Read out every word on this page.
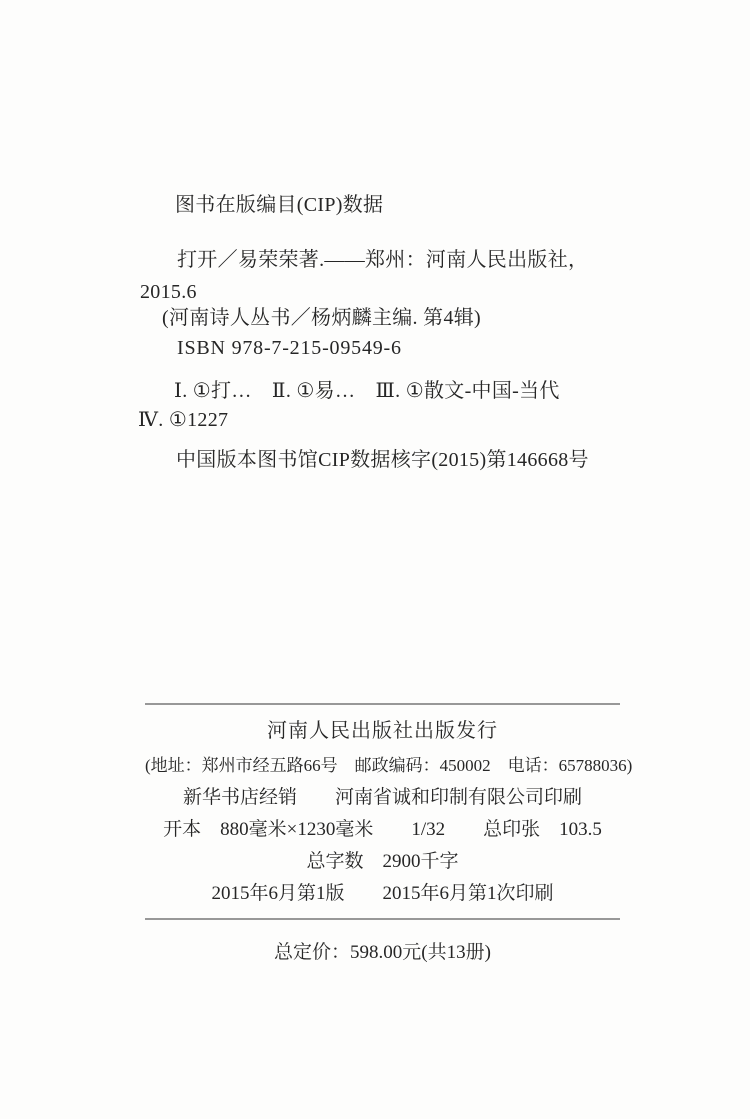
图书在版编目(CIP)数据
打开／易荣荣著.——郑州：河南人民出版社，
2015.6
(河南诗人丛书／杨炳麟主编. 第4辑)
ISBN 978-7-215-09549-6
Ⅰ. ①打…　Ⅱ. ①易…　Ⅲ. ①散文-中国-当代
Ⅳ. ①1227
中国版本图书馆CIP数据核字(2015)第146668号
河南人民出版社出版发行
(地址：郑州市经五路66号　邮政编码：450002　电话：65788036)
新华书店经销　　河南省诚和印制有限公司印刷
开本　880毫米×1230毫米　　1/32　　总印张　103.5
总字数　2900千字
2015年6月第1版　　2015年6月第1次印刷
总定价：598.00元(共13册)
